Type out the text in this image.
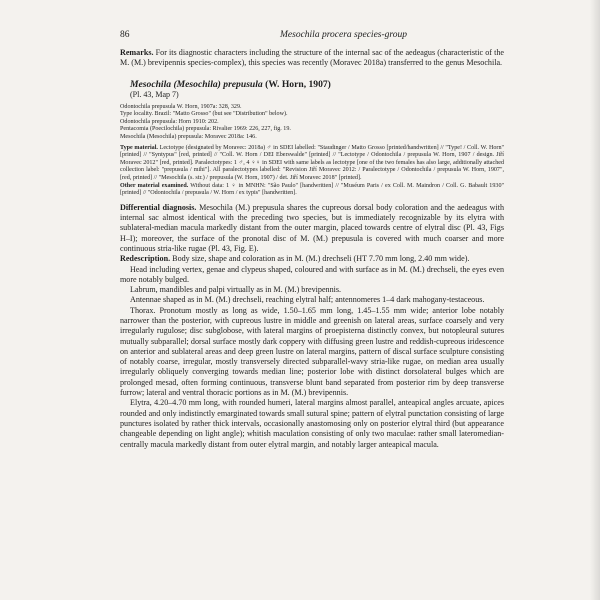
86	Mesochila procera species-group

Remarks. For its diagnostic characters including the structure of the internal sac of the aedeagus (characteristic of the M. (M.) brevipennis species-complex), this species was recently (Moravec 2018a) transferred to the genus Mesochila.

Mesochila (Mesochila) prepusula (W. Horn, 1907)
(Pl. 43, Map 7)

Odontochila prepusula W. Horn, 1907a: 328, 329.

Type locality. Brazil: "Matto Grosso" (but see "Distribution" below).

Odontochila prepusula: Horn 1910: 202.

Pentacomia (Poecilochila) prepusula: Rivalier 1969: 226, 227, fig. 19.

Mesochila (Mesochila) prepusula: Moravec 2018a: 146.

Type material. Lectotype (designated by Moravec: 2018a) ♂ in SDEI labelled: "Staudinger / Matto Grosso [printed/handwritten] // "Type! / Coll. W. Horn" [printed] // "Syntypus" [red, printed] // "Coll. W. Horn / DEI Eberswalde" [printed] // "Lectotype / Odontochila / prepusula W. Horn, 1907 / design. Jiří Moravec 2012" [red, printed]. Paralectotypes: 1 ♂, 4 ♀♀ in SDEI with same labels as lectotype [one of the two females has also large, additionally attached collection label: "prepusula / mihi"]. All paralectotypes labelled: "Revision Jiří Moravec 2012: / Paralectotype / Odontochila / prepusula W. Horn, 1907", [red, printed] // "Mesochila (s. str.) / prepusula (W. Horn, 1907) / det. Jiří Moravec 2018" [printed].

Other material examined. Without data: 1 ♀ in MNHN: "São Paulo" [handwritten] // "Muséum Paris / ex Coll. M. Maindron / Coll. G. Babault 1930" [printed] // "Odontochila / prepusula / W. Horn / ex typis" [handwritten].

Differential diagnosis. Mesochila (M.) prepusula shares the cupreous dorsal body coloration and the aedeagus with internal sac almost identical with the preceding two species, but is immediately recognizable by its elytra with sublateral-median macula markedly distant from the outer margin, placed towards centre of elytral disc (Pl. 43, Figs H–I); moreover, the surface of the pronotal disc of M. (M.) prepusula is covered with much coarser and more continuous stria-like rugae (Pl. 43, Fig. E).

Redescription. Body size, shape and coloration as in M. (M.) drechseli (HT 7.70 mm long, 2.40 mm wide).

Head including vertex, genae and clypeus shaped, coloured and with surface as in M. (M.) drechseli, the eyes even more notably bulged.

Labrum, mandibles and palpi virtually as in M. (M.) brevipennis.

Antennae shaped as in M. (M.) drechseli, reaching elytral half; antennomeres 1–4 dark mahogany-testaceous.

Thorax. Pronotum mostly as long as wide, 1.50–1.65 mm long, 1.45–1.55 mm wide; anterior lobe notably narrower than the posterior, with cupreous lustre in middle and greenish on lateral areas, surface coarsely and very irregularly rugulose; disc subglobose, with lateral margins of proepisterna distinctly convex, but notopleural sutures mutually subparallel; dorsal surface mostly dark coppery with diffusing green lustre and reddish-cupreous iridescence on anterior and sublateral areas and deep green lustre on lateral margins, pattern of discal surface sculpture consisting of notably coarse, irregular, mostly transversely directed subparallel-wavy stria-like rugae, on median area usually irregularly obliquely converging towards median line; posterior lobe with distinct dorsolateral bulges which are prolonged mesad, often forming continuous, transverse blunt band separated from posterior rim by deep transverse furrow; lateral and ventral thoracic portions as in M. (M.) brevipennis.

Elytra, 4.20–4.70 mm long, with rounded humeri, lateral margins almost parallel, anteapical angles arcuate, apices rounded and only indistinctly emarginated towards small sutural spine; pattern of elytral punctation consisting of large punctures isolated by rather thick intervals, occasionally anastomosing only on posterior elytral third (but appearance changeable depending on light angle); whitish maculation consisting of only two maculae: rather small lateromedian-centrally macula markedly distant from outer elytral margin, and notably larger anteapical macula.
